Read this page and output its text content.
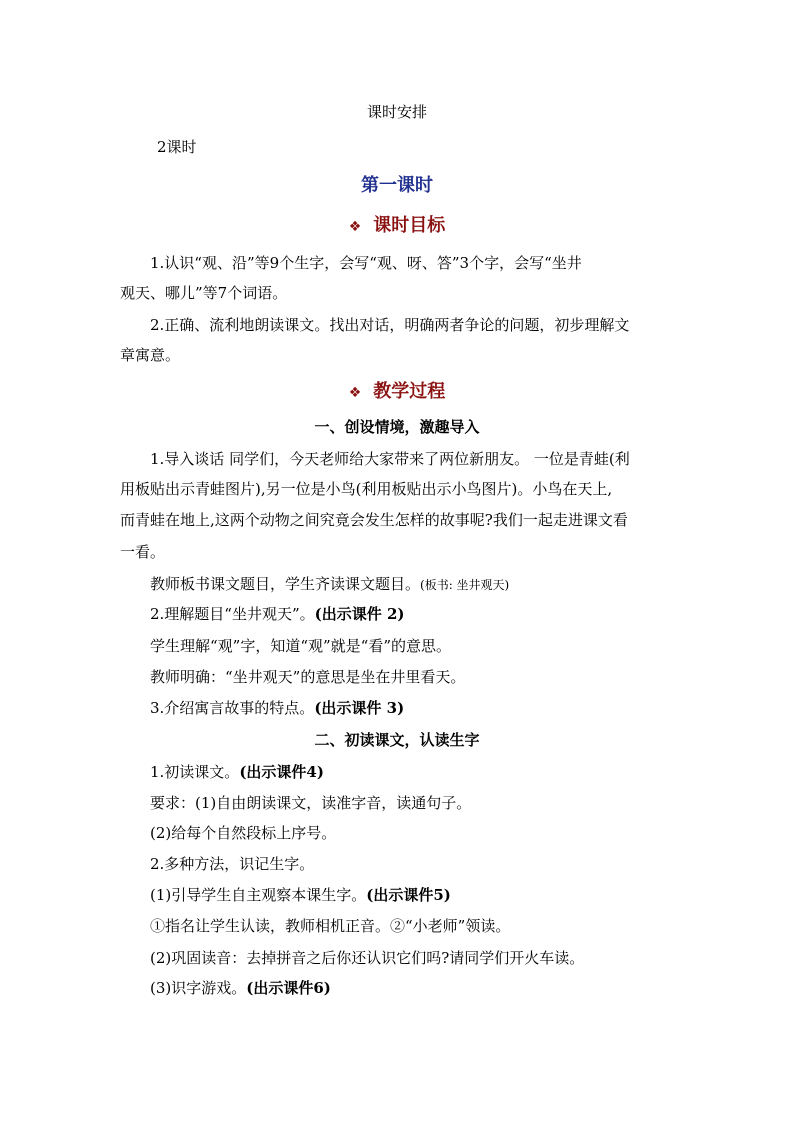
课时安排
2课时
第一课时
❖ 课时目标
1.认识“观、沿”等9个生字，会写“观、呀、答”3个字，会写“坐井
观天、哪儿”等7个词语。
2.正确、流利地朗读课文。找出对话，明确两者争论的问题，初步理解文
章寓意。
❖ 教学过程
一、创设情境，激趣导入
1.导入谈话 同学们，今天老师给大家带来了两位新朋友。 一位是青蛙(利
用板贴出示青蛙图片),另一位是小鸟(利用板贴出示小鸟图片)。小鸟在天上,
而青蛙在地上,这两个动物之间究竟会发生怎样的故事呢?我们一起走进课文看
一看。
教师板书课文题目，学生齐读课文题目。(板书: 坐井观天)
2.理解题目“坐井观天”。(出示课件 2)
学生理解“观”字，知道“观”就是“看”的意思。
教师明确：“坐井观天”的意思是坐在井里看天。
3.介绍寓言故事的特点。(出示课件 3)
二、初读课文，认读生字
1.初读课文。(出示课件4)
要求：(1)自由朗读课文，读准字音，读通句子。
(2)给每个自然段标上序号。
2.多种方法，识记生字。
(1)引导学生自主观察本课生字。(出示课件5)
①指名让学生认读，教师相机正音。②“小老师”领读。
(2)巩固读音：去掉拼音之后你还认识它们吗?请同学们开火车读。
(3)识字游戏。(出示课件6)
